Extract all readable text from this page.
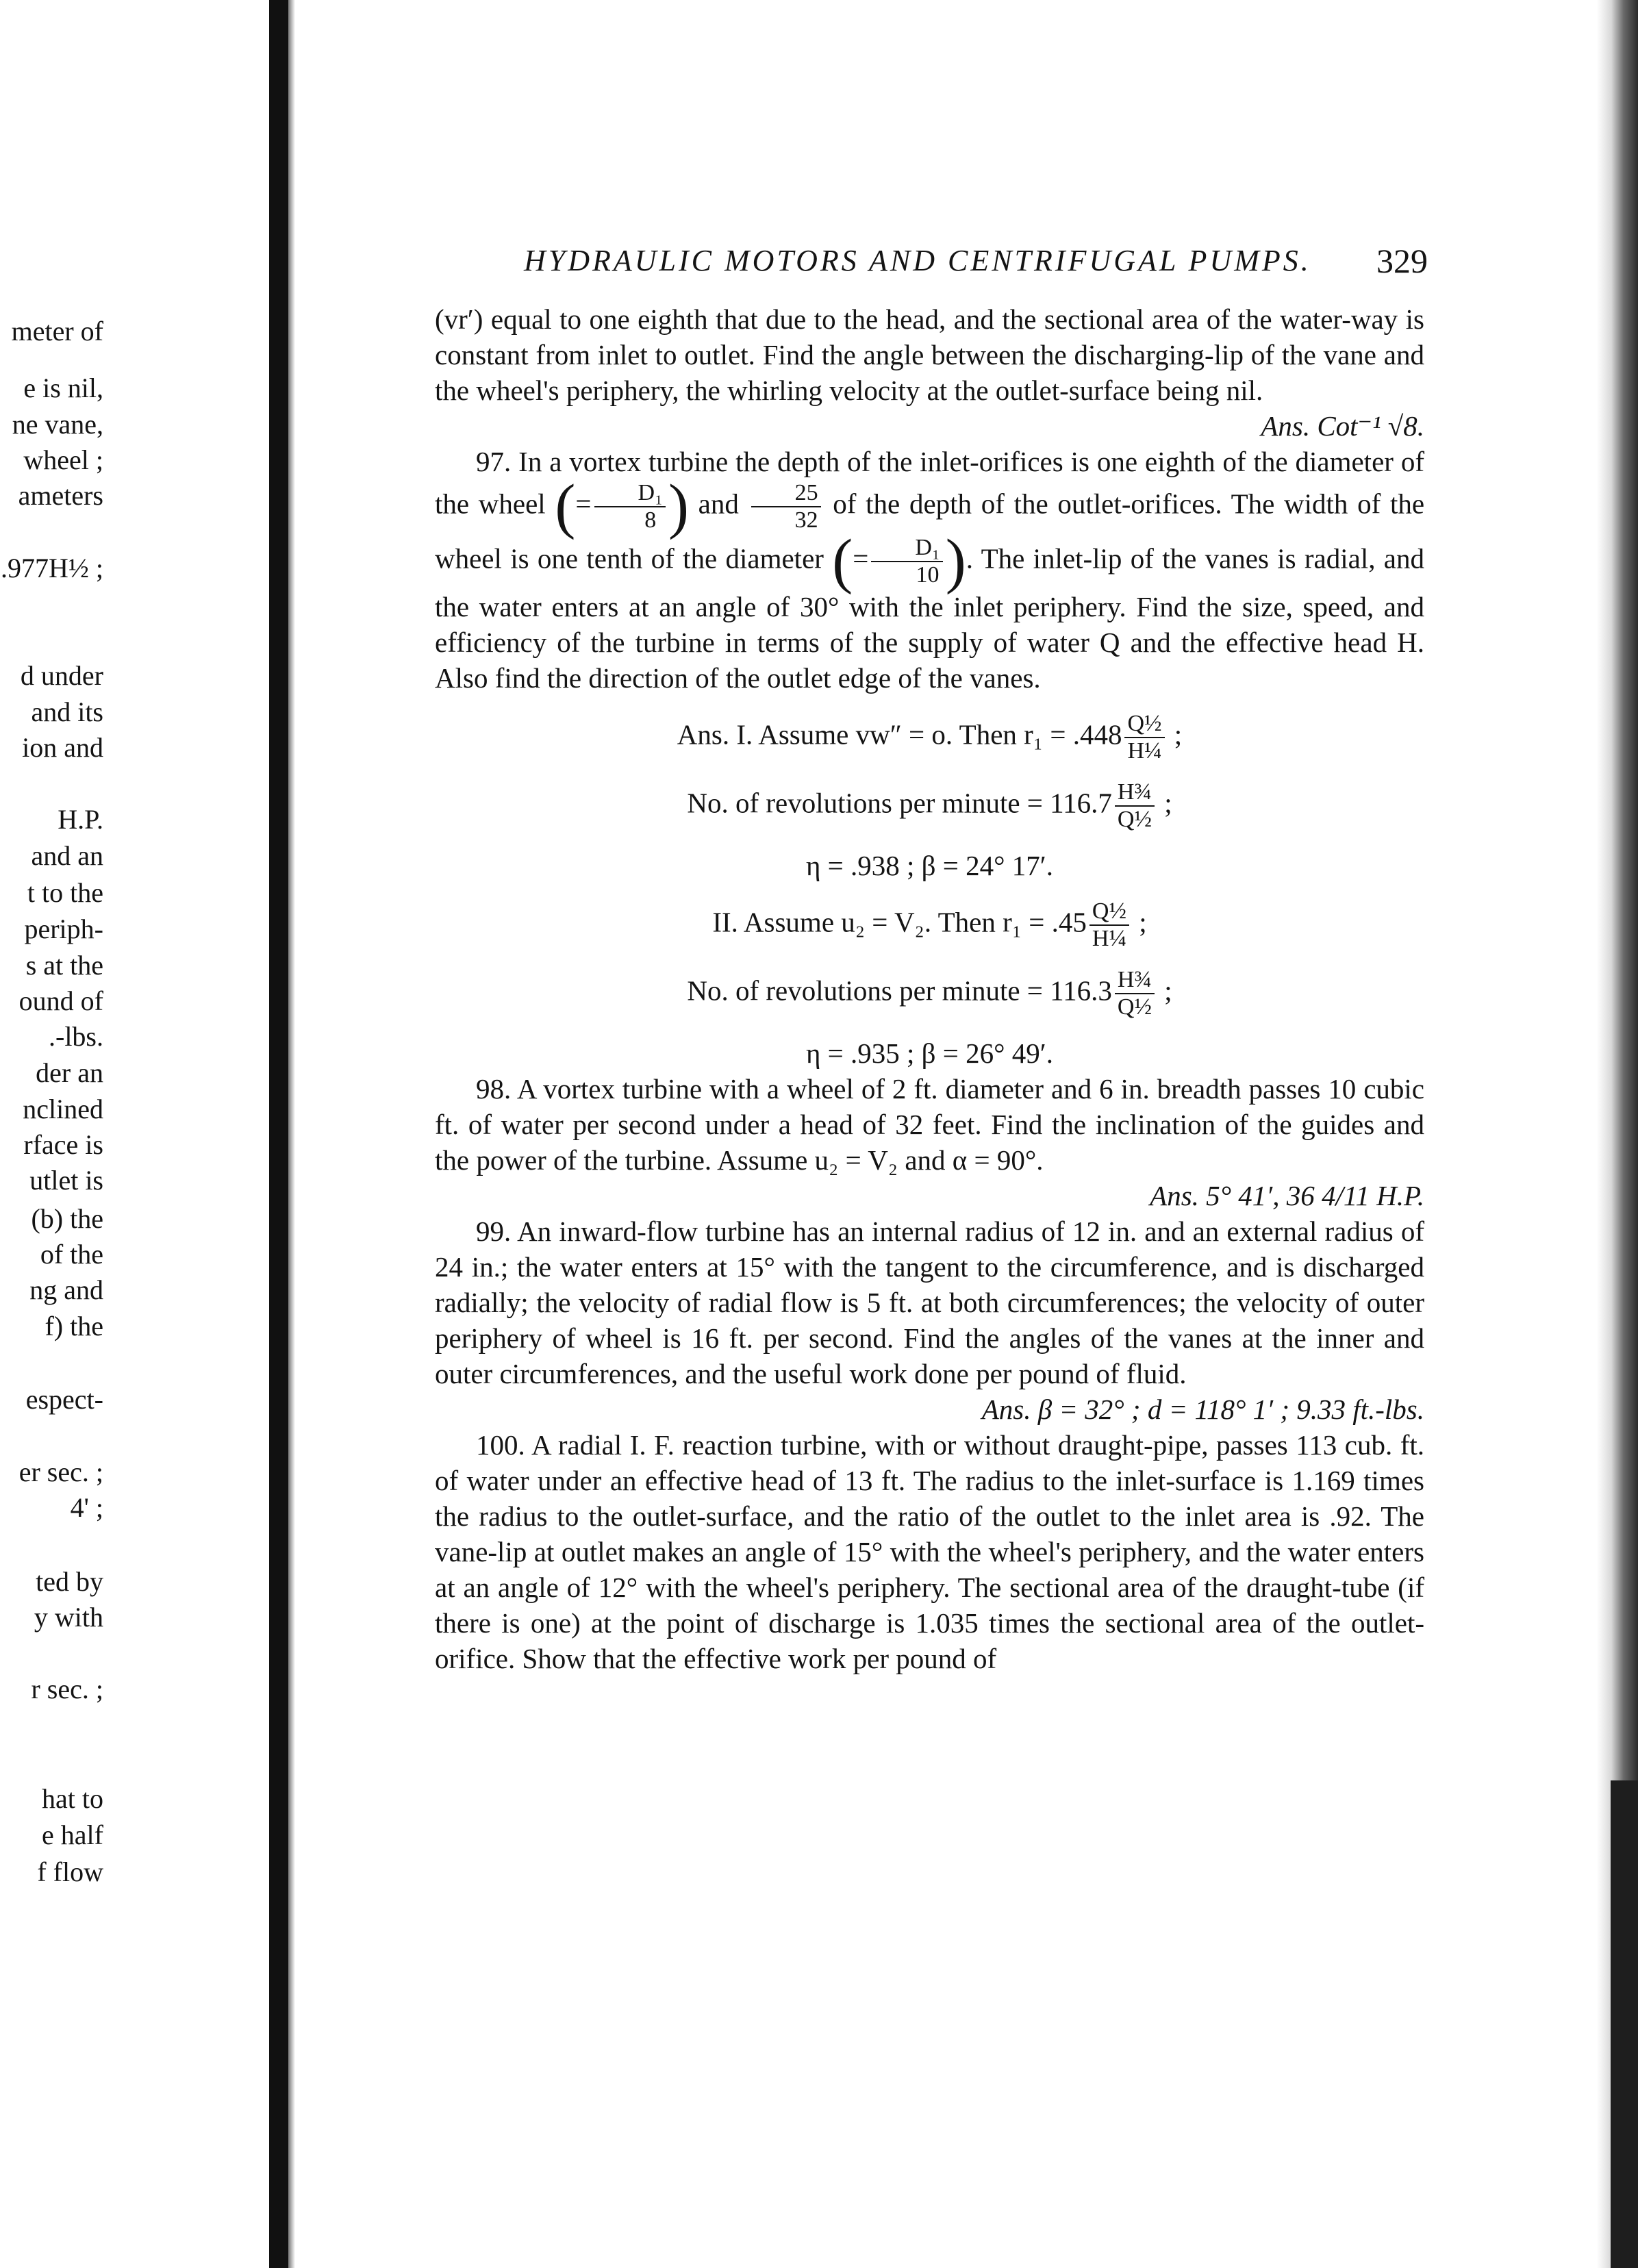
meter of
e is nil,
ne vane,
wheel ;
ameters
.977H½ ;
d under
and its
ion and
H.P.
and an
t to the
periph-
s at the
ound of
.-lbs.
der an
nclined
rface is
utlet is
(b) the
of the
ng and
f) the
espect-
er sec. ;
4' ;
ted by
y with
r sec. ;
hat to
e half
f flow
HYDRAULIC MOTORS AND CENTRIFUGAL PUMPS. 329

(vr′) equal to one eighth that due to the head, and the sectional area of the water-way is constant from inlet to outlet. Find the angle between the discharging-lip of the vane and the wheel's periphery, the whirling velocity at the outlet-surface being nil.

Ans. Cot⁻¹ √8.

97. In a vortex turbine the depth of the inlet-orifices is one eighth of the diameter of the wheel (= $\frac{\text{D₁}}{8}$ ) and $\frac{25}{32}$ of the depth of the outlet-orifices. The width of the wheel is one tenth of the diameter (= $\frac{\text{D₁}}{10}$ ). The inlet-lip of the vanes is radial, and the water enters at an angle of 30° with the inlet periphery. Find the size, speed, and efficiency of the turbine in terms of the supply of water Q and the effective head H. Also find the direction of the outlet edge of the vanes.

Ans. I. Assume vw″ = o. Then $r_1 = .448 \frac{\text{Q½}}{\text{H¼}}$ ;
No. of revolutions per minute = $116.7 \frac{\text{H¾}}{\text{Q½}}$ ;
η = .938 ; β = 24° 17′.
II. Assume u₂ = V₂. Then $r_1 = .45 \frac{\text{Q½}}{\text{H¼}}$ ;
No. of revolutions per minute = $116.3 \frac{\text{H¾}}{\text{Q½}}$ ;
η = .935 ; β = 26° 49′.

98. A vortex turbine with a wheel of 2 ft. diameter and 6 in. breadth passes 10 cubic ft. of water per second under a head of 32 feet. Find the inclination of the guides and the power of the turbine. Assume u₂ = V₂ and α = 90°.

Ans. 5° 41′, 36 4/11 H.P.

99. An inward-flow turbine has an internal radius of 12 in. and an external radius of 24 in.; the water enters at 15° with the tangent to the circumference, and is discharged radially; the velocity of radial flow is 5 ft. at both circumferences; the velocity of outer periphery of wheel is 16 ft. per second. Find the angles of the vanes at the inner and outer circumferences, and the useful work done per pound of fluid.

Ans. β = 32° ; d = 118° 1′ ; 9.33 ft.-lbs.

100. A radial I. F. reaction turbine, with or without draught-pipe, passes 113 cub. ft. of water under an effective head of 13 ft. The radius to the inlet-surface is 1.169 times the radius to the outlet-surface, and the ratio of the outlet to the inlet area is .92. The vane-lip at outlet makes an angle of 15° with the wheel's periphery, and the water enters at an angle of 12° with the wheel's periphery. The sectional area of the draught-tube (if there is one) at the point of discharge is 1.035 times the sectional area of the outlet-orifice. Show that the effective work per pound of
